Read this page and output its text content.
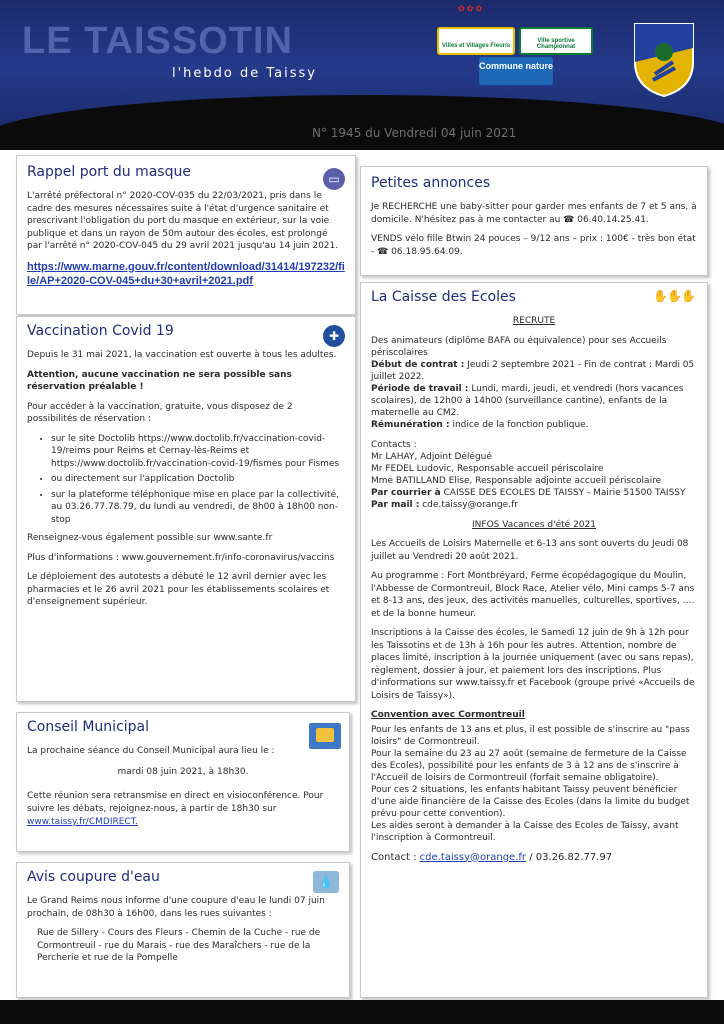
LE TAISSOTIN
l'hebdo de Taissy
✿✿✿
Villes et Villages Fleuris
Ville sportive Championnat
Commune nature
N° 1945 du Vendredi 04 juin 2021
Rappel port du masque	▭

L'arrêté préfectoral n° 2020-COV-035 du 22/03/2021, pris dans le cadre des mesures nécessaires suite à l'état d'urgence sanitaire et prescrivant l'obligation du port du masque en extérieur, sur la voie publique et dans un rayon de 50m autour des écoles, est prolongé par l'arrêté n° 2020-COV-045 du 29 avril 2021 jusqu'au 14 juin 2021.

https://www.marne.gouv.fr/content/download/31414/197232/file/AP+2020-COV-045+du+30+avril+2021.pdf

Vaccination Covid 19	✚

Depuis le 31 mai 2021, la vaccination est ouverte à tous les adultes.

Attention, aucune vaccination ne sera possible sans réservation préalable !

Pour accéder à la vaccination, gratuite, vous disposez de 2 possibilités de réservation :

• sur le site Doctolib https://www.doctolib.fr/vaccination-covid-19/reims pour Reims et Cernay-lès-Reims et https://www.doctolib.fr/vaccination-covid-19/fismes pour Fismes
• ou directement sur l'application Doctolib
• sur la plateforme téléphonique mise en place par la collectivité, au 03.26.77.78.79, du lundi au vendredi, de 8h00 à 18h00 non-stop

Renseignez-vous également possible sur www.sante.fr

Plus d'informations : www.gouvernement.fr/info-coronavirus/vaccins

Le déploiement des autotests a débuté le 12 avril dernier avec les pharmacies et le 26 avril 2021 pour les établissements scolaires et d'enseignement supérieur.

Conseil Municipal

La prochaine séance du Conseil Municipal aura lieu le :

mardi 08 juin 2021, à 18h30.

Cette réunion sera retransmise en direct en visioconférence. Pour suivre les débats, rejoignez-nous, à partir de 18h30 sur

www.taissy.fr/CMDIRECT.

Avis coupure d'eau	💧

Le Grand Reims nous informe d'une coupure d'eau le lundi 07 juin prochain, de 08h30 à 16h00, dans les rues suivantes :

Rue de Sillery - Cours des Fleurs - Chemin de la Cuche - rue de Cormontreuil - rue du Marais - rue des Maraîchers - rue de la Percherie et rue de la Pompelle

Petites annonces

Je RECHERCHE une baby-sitter pour garder mes enfants de 7 et 5 ans, à domicile. N'hésitez pas à me contacter au ☎ 06.40.14.25.41.

VENDS vélo fille Btwin 24 pouces – 9/12 ans – prix : 100€ - très bon état - ☎ 06.18.95.64.09.

La Caisse des Ecoles	✋✋✋

RECRUTE

Des animateurs (diplôme BAFA ou équivalence) pour ses Accueils périscolaires
Début de contrat : Jeudi 2 septembre 2021 - Fin de contrat : Mardi 05 juillet 2022.
Période de travail : Lundi, mardi, jeudi, et vendredi (hors vacances scolaires), de 12h00 à 14h00 (surveillance cantine), enfants de la maternelle au CM2.
Rémunération : indice de la fonction publique.
Contacts :
Mr LAHAY, Adjoint Délégué
Mr FEDEL Ludovic, Responsable accueil périscolaire
Mme BATILLAND Elise, Responsable adjointe accueil périscolaire
Par courrier à CAISSE DES ECOLES DE TAISSY - Mairie 51500 TAISSY
Par mail : cde.taissy@orange.fr

INFOS Vacances d'été 2021

Les Accueils de Loisirs Maternelle et 6-13 ans sont ouverts du Jeudi 08 juillet au Vendredi 20 août 2021.

Au programme : Fort Montbréyard, Ferme écopédagogique du Moulin, l'Abbesse de Cormontreuil, Block Race, Atelier vélo, Mini camps 5-7 ans et 8-13 ans, des jeux, des activités manuelles, culturelles, sportives, …. et de la bonne humeur.

Inscriptions à la Caisse des écoles, le Samedi 12 juin de 9h à 12h pour les Taissotins et de 13h à 16h pour les autres. Attention, nombre de places limité, inscription à la journée uniquement (avec ou sans repas), règlement, dossier à jour, et paiement lors des inscriptions. Plus d'informations sur www.taissy.fr et Facebook (groupe privé «Accueils de Loisirs de Taissy»).

Convention avec Cormontreuil

Pour les enfants de 13 ans et plus, il est possible de s'inscrire au "pass loisirs" de Cormontreuil.
Pour la semaine du 23 au 27 août (semaine de fermeture de la Caisse des Ecoles), possibilité pour les enfants de 3 à 12 ans de s'inscrire à l'Accueil de loisirs de Cormontreuil (forfait semaine obligatoire).
Pour ces 2 situations, les enfants habitant Taissy peuvent bénéficier d'une aide financière de la Caisse des Ecoles (dans la limite du budget prévu pour cette convention).
Les aides seront à demander à la Caisse des Ecoles de Taissy, avant l'inscription à Cormontreuil.

Contact : cde.taissy@orange.fr / 03.26.82.77.97
